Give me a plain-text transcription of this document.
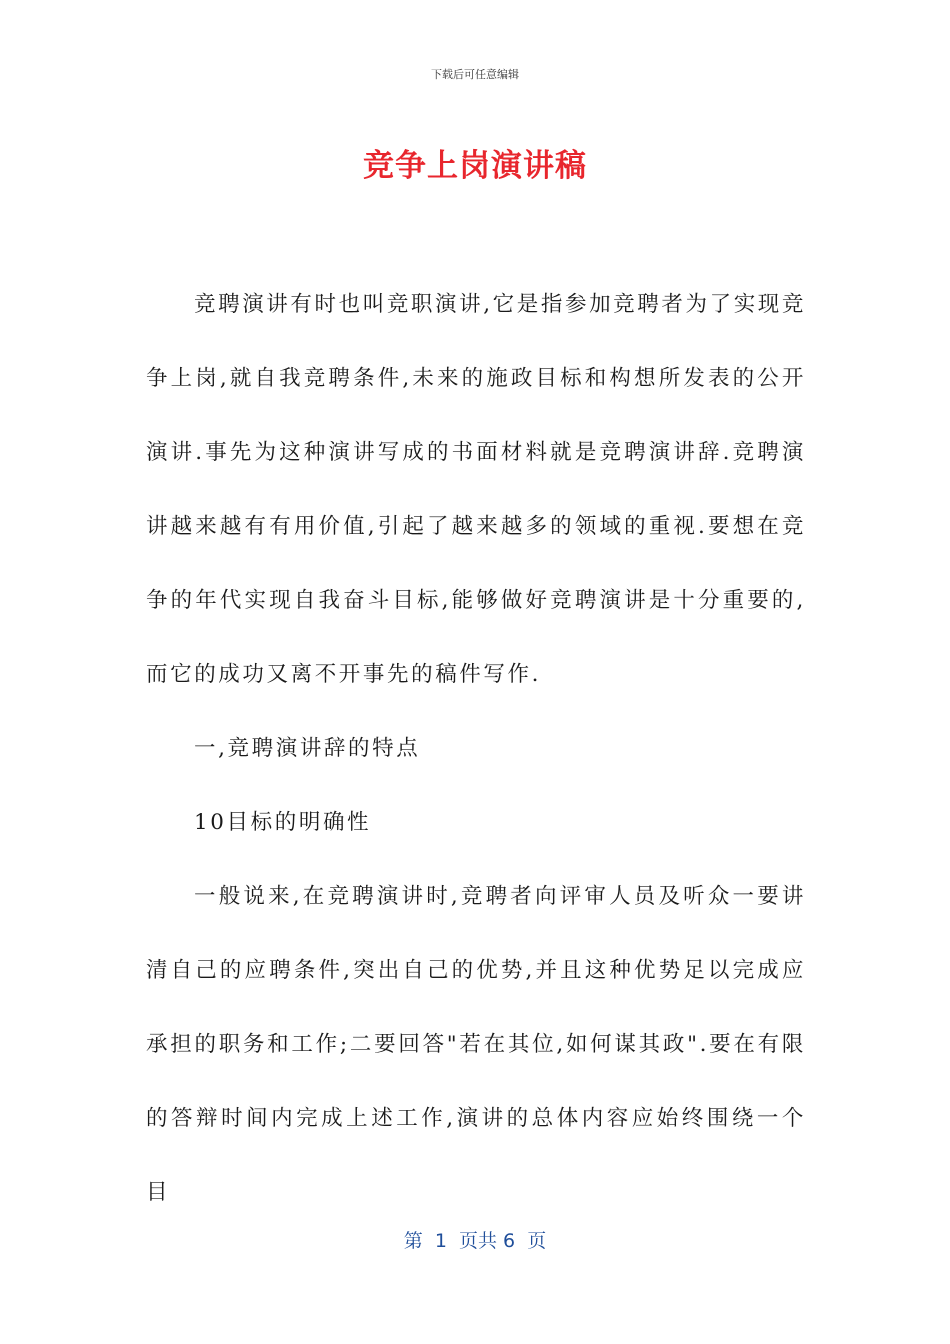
下载后可任意编辑
竞争上岗演讲稿

竞聘演讲有时也叫竞职演讲,它是指参加竞聘者为了实现竞争上岗,就自我竞聘条件,未来的施政目标和构想所发表的公开演讲.事先为这种演讲写成的书面材料就是竞聘演讲辞.竞聘演讲越来越有有用价值,引起了越来越多的领域的重视.要想在竞争的年代实现自我奋斗目标,能够做好竞聘演讲是十分重要的,而它的成功又离不开事先的稿件写作.

一,竞聘演讲辞的特点

10目标的明确性

一般说来,在竞聘演讲时,竞聘者向评审人员及听众一要讲清自己的应聘条件,突出自己的优势,并且这种优势足以完成应承担的职务和工作;二要回答"若在其位,如何谋其政".要在有限的答辩时间内完成上述工作,演讲的总体内容应始终围绕一个目

第  1  页共 6  页
